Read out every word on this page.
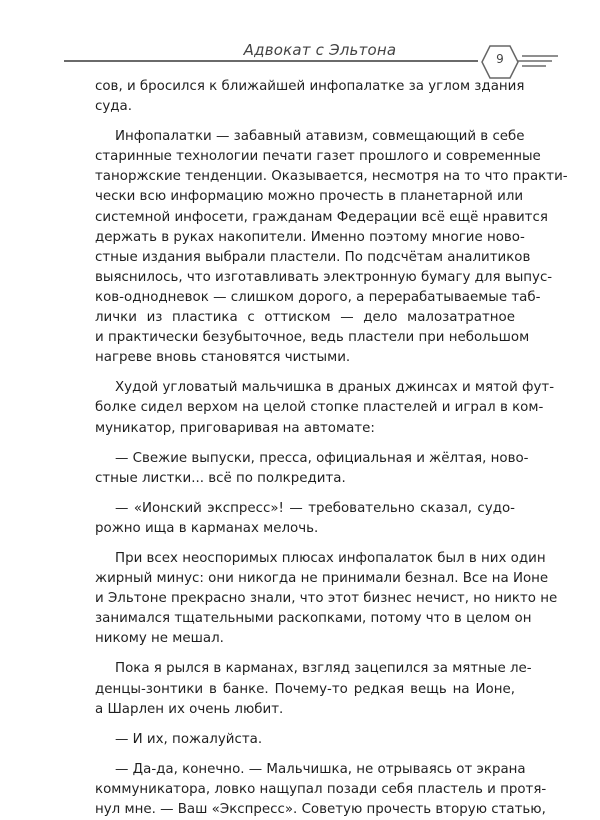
Адвокат с Эльтона	9
сов, и бросился к ближайшей инфопалатке за углом здания
суда.
Инфопалатки — забавный атавизм, совмещающий в себе
старинные технологии печати газет прошлого и современные
таноржские тенденции. Оказывается, несмотря на то что практи-
чески всю информацию можно прочесть в планетарной или
системной инфосети, гражданам Федерации всё ещё нравится
держать в руках накопители. Именно поэтому многие ново-
стные издания выбрали пластели. По подсчётам аналитиков
выяснилось, что изготавливать электронную бумагу для выпус-
ков-однодневок — слишком дорого, а перерабатываемые таб-
лички из пластика с оттиском — дело малозатратное
и практически безубыточное, ведь пластели при небольшом
нагреве вновь становятся чистыми.
Худой угловатый мальчишка в драных джинсах и мятой фут-
болке сидел верхом на целой стопке пластелей и играл в ком-
муникатор, приговаривая на автомате:
— Свежие выпуски, пресса, официальная и жёлтая, ново-
стные листки... всё по полкредита.
— «Ионский экспресс»! — требовательно сказал, судо-
рожно ища в карманах мелочь.
При всех неоспоримых плюсах инфопалаток был в них один
жирный минус: они никогда не принимали безнал. Все на Ионе
и Эльтоне прекрасно знали, что этот бизнес нечист, но никто не
занимался тщательными раскопками, потому что в целом он
никому не мешал.
Пока я рылся в карманах, взгляд зацепился за мятные ле-
денцы-зонтики в банке. Почему-то редкая вещь на Ионе,
а Шарлен их очень любит.
— И их, пожалуйста.
— Да-да, конечно. — Мальчишка, не отрываясь от экрана
коммуникатора, ловко нащупал позади себя пластель и протя-
нул мне. — Ваш «Экспресс». Советую прочесть вторую статью,
